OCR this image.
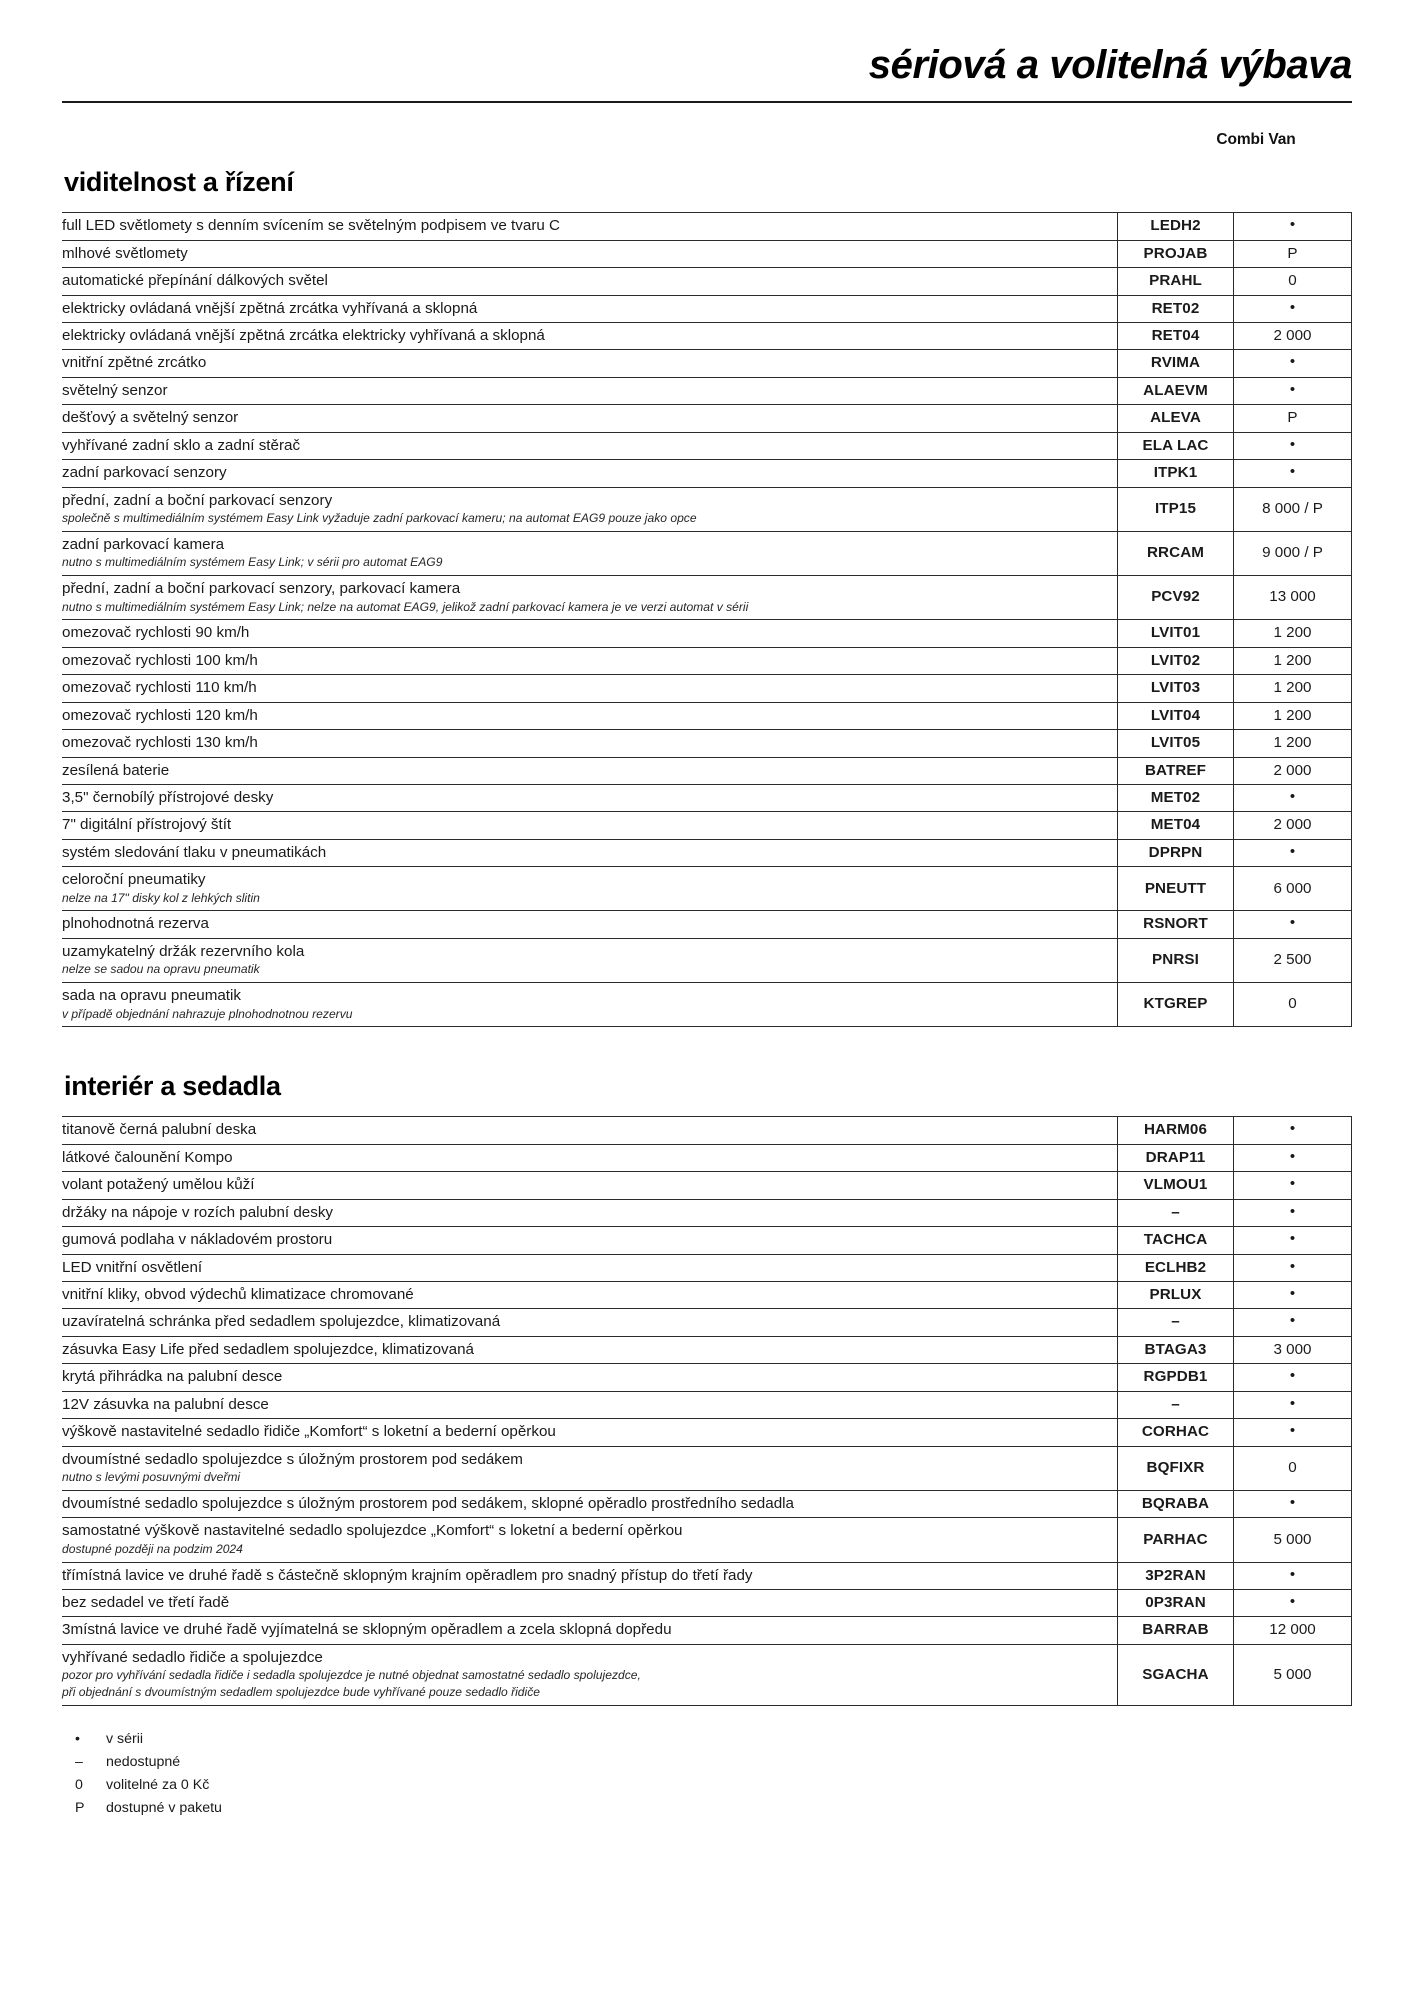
sériová a volitelná výbava
Combi Van
viditelnost a řízení
full LED světlomety s denním svícením se světelným podpisem ve tvaru C	LEDH2	•
mlhové světlomety	PROJAB	P
automatické přepínání dálkových světel	PRAHL	0
elektricky ovládaná vnější zpětná zrcátka vyhřívaná a sklopná	RET02	•
elektricky ovládaná vnější zpětná zrcátka elektricky vyhřívaná a sklopná	RET04	2 000
vnitřní zpětné zrcátko	RVIMA	•
světelný senzor	ALAEVM	•
dešťový a světelný senzor	ALEVA	P
vyhřívané zadní sklo a zadní stěrač	ELA LAC	•
zadní parkovací senzory	ITPK1	•
přední, zadní a boční parkovací senzory
společně s multimediálním systémem Easy Link vyžaduje zadní parkovací kameru; na automat EAG9 pouze jako opce	ITP15	8 000 / P
zadní parkovací kamera
nutno s multimediálním systémem Easy Link; v sérii pro automat EAG9	RRCAM	9 000 / P
přední, zadní a boční parkovací senzory, parkovací kamera
nutno s multimediálním systémem Easy Link; nelze na automat EAG9, jelikož zadní parkovací kamera je ve verzi automat v sérii	PCV92	13 000
omezovač rychlosti 90 km/h	LVIT01	1 200
omezovač rychlosti 100 km/h	LVIT02	1 200
omezovač rychlosti 110 km/h	LVIT03	1 200
omezovač rychlosti 120 km/h	LVIT04	1 200
omezovač rychlosti 130 km/h	LVIT05	1 200
zesílená baterie	BATREF	2 000
3,5" černobílý přístrojové desky	MET02	•
7" digitální přístrojový štít	MET04	2 000
systém sledování tlaku v pneumatikách	DPRPN	•
celoroční pneumatiky
nelze na 17" disky kol z lehkých slitin	PNEUTT	6 000
plnohodnotná rezerva	RSNORT	•
uzamykatelný držák rezervního kola
nelze se sadou na opravu pneumatik	PNRSI	2 500
sada na opravu pneumatik
v případě objednání nahrazuje plnohodnotnou rezervu	KTGREP	0
interiér a sedadla
titanově černá palubní deska	HARM06	•
látkové čalounění Kompo	DRAP11	•
volant potažený umělou kůží	VLMOU1	•
držáky na nápoje v rozích palubní desky	–	•
gumová podlaha v nákladovém prostoru	TACHCA	•
LED vnitřní osvětlení	ECLHB2	•
vnitřní kliky, obvod výdechů klimatizace chromované	PRLUX	•
uzavíratelná schránka před sedadlem spolujezdce, klimatizovaná	–	•
zásuvka Easy Life před sedadlem spolujezdce, klimatizovaná	BTAGA3	3 000
krytá přihrádka na palubní desce	RGPDB1	•
12V zásuvka na palubní desce	–	•
výškově nastavitelné sedadlo řidiče „Komfort“ s loketní a bederní opěrkou	CORHAC	•
dvoumístné sedadlo spolujezdce s úložným prostorem pod sedákem
nutno s levými posuvnými dveřmi	BQFIXR	0
dvoumístné sedadlo spolujezdce s úložným prostorem pod sedákem, sklopné opěradlo prostředního sedadla	BQRABA	•
samostatné výškově nastavitelné sedadlo spolujezdce „Komfort“ s loketní a bederní opěrkou
dostupné později na podzim 2024	PARHAC	5 000
třímístná lavice ve druhé řadě s částečně sklopným krajním opěradlem pro snadný přístup do třetí řady	3P2RAN	•
bez sedadel ve třetí řadě	0P3RAN	•
3místná lavice ve druhé řadě vyjímatelná se sklopným opěradlem a zcela sklopná dopředu	BARRAB	12 000
vyhřívané sedadlo řidiče a spolujezdce
pozor pro vyhřívání sedadla řidiče i sedadla spolujezdce je nutné objednat samostatné sedadlo spolujezdce,
při objednání s dvoumístným sedadlem spolujezdce bude vyhřívané pouze sedadlo řidiče	SGACHA	5 000
•	v sérii
–	nedostupné
0	volitelné za 0 Kč
P	dostupné v paketu
